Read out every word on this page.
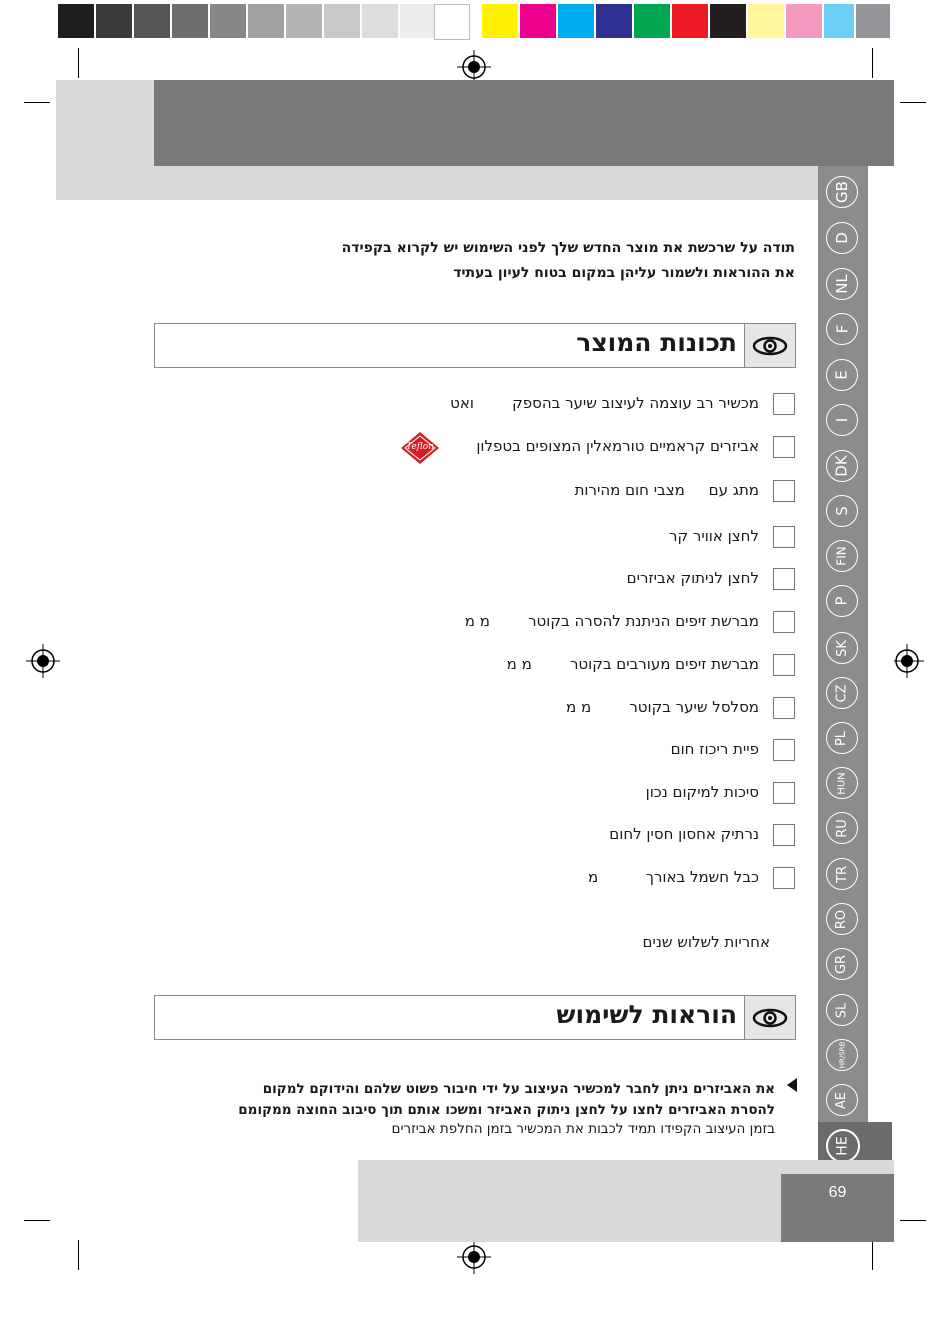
GB
D
NL
F
E
I
DK
S
FIN
P
SK
CZ
PL
HUN
RU
TR
RO
GR
SL
HR/SRB
AE
HE
תודה על שרכשת את מוצר החדש שלך לפני השימוש יש לקרוא בקפידה
את ההוראות ולשמור עליהן במקום בטוח לעיון בעתיד
תכונות המוצר
מכשיר רב עוצמה לעיצוב שיער בהספק        ואט
אביזרים קראמיים טורמאלין המצופים בטפלון
מתג עם     מצבי חום מהירות
לחצן אוויר קר
לחצן לניתוק אביזרים
מברשת זיפים הניתנת להסרה בקוטר        מ מ
מברשת זיפים מעורבים בקוטר        מ מ
מסלסל שיער בקוטר        מ מ
פיית ריכוז חום
סיכות למיקום נכון
נרתיק אחסון חסין לחום
כבל חשמל באורך          מ
Teflon
אחריות לשלוש שנים
הוראות לשימוש
את האביזרים ניתן לחבר למכשיר העיצוב על ידי חיבור פשוט שלהם והידוקם למקום
להסרת האביזרים לחצו על לחצן ניתוק האביזר ומשכו אותם תוך סיבוב החוצה ממקומם
בזמן העיצוב הקפידו תמיד לכבות את המכשיר בזמן החלפת אביזרים
69
